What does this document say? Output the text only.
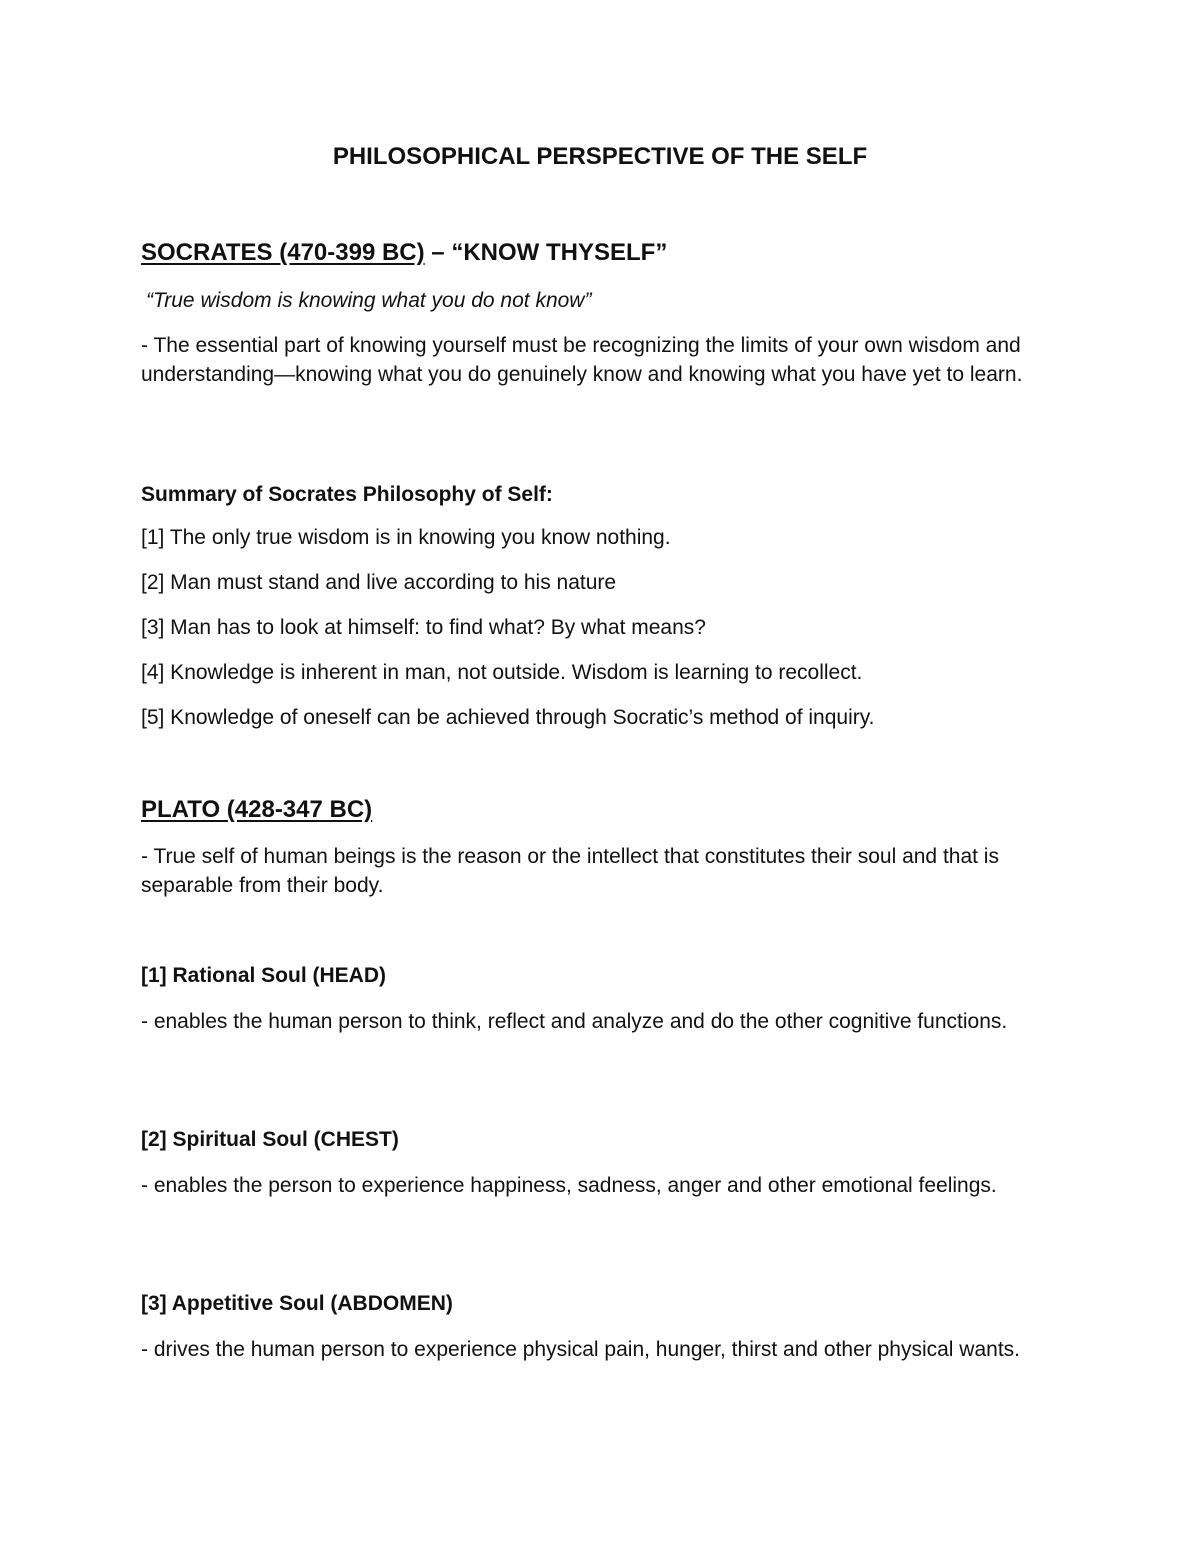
PHILOSOPHICAL PERSPECTIVE OF THE SELF
SOCRATES (470-399 BC) – “KNOW THYSELF”

“True wisdom is knowing what you do not know”

- The essential part of knowing yourself must be recognizing the limits of your own wisdom and understanding—knowing what you do genuinely know and knowing what you have yet to learn.

Summary of Socrates Philosophy of Self:

[1] The only true wisdom is in knowing you know nothing.

[2] Man must stand and live according to his nature

[3] Man has to look at himself: to find what? By what means?

[4] Knowledge is inherent in man, not outside. Wisdom is learning to recollect.

[5] Knowledge of oneself can be achieved through Socratic’s method of inquiry.

PLATO (428-347 BC)

- True self of human beings is the reason or the intellect that constitutes their soul and that is separable from their body.

[1] Rational Soul (HEAD)

- enables the human person to think, reflect and analyze and do the other cognitive functions.

[2] Spiritual Soul (CHEST)

- enables the person to experience happiness, sadness, anger and other emotional feelings.

[3] Appetitive Soul (ABDOMEN)

- drives the human person to experience physical pain, hunger, thirst and other physical wants.
